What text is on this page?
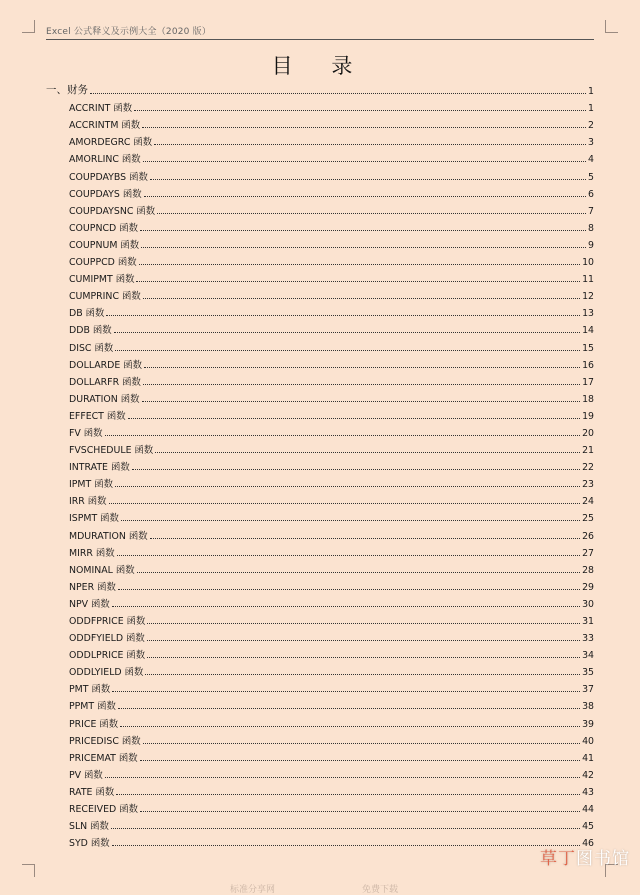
Excel 公式释义及示例大全（2020 版）
目 录
一、财务	1
ACCRINT 函数	1
ACCRINTM 函数	2
AMORDEGRC 函数	3
AMORLINC 函数	4
COUPDAYBS 函数	5
COUPDAYS 函数	6
COUPDAYSNC 函数	7
COUPNCD 函数	8
COUPNUM 函数	9
COUPPCD 函数	10
CUMIPMT 函数	11
CUMPRINC 函数	12
DB 函数	13
DDB 函数	14
DISC 函数	15
DOLLARDE 函数	16
DOLLARFR 函数	17
DURATION 函数	18
EFFECT 函数	19
FV 函数	20
FVSCHEDULE 函数	21
INTRATE 函数	22
IPMT 函数	23
IRR 函数	24
ISPMT 函数	25
MDURATION 函数	26
MIRR 函数	27
NOMINAL 函数	28
NPER 函数	29
NPV 函数	30
ODDFPRICE 函数	31
ODDFYIELD 函数	33
ODDLPRICE 函数	34
ODDLYIELD 函数	35
PMT 函数	37
PPMT 函数	38
PRICE 函数	39
PRICEDISC 函数	40
PRICEMAT 函数	41
PV 函数	42
RATE 函数	43
RECEIVED 函数	44
SLN 函数	45
SYD 函数	46
草丁 图书馆
标准分享网	免费下载
